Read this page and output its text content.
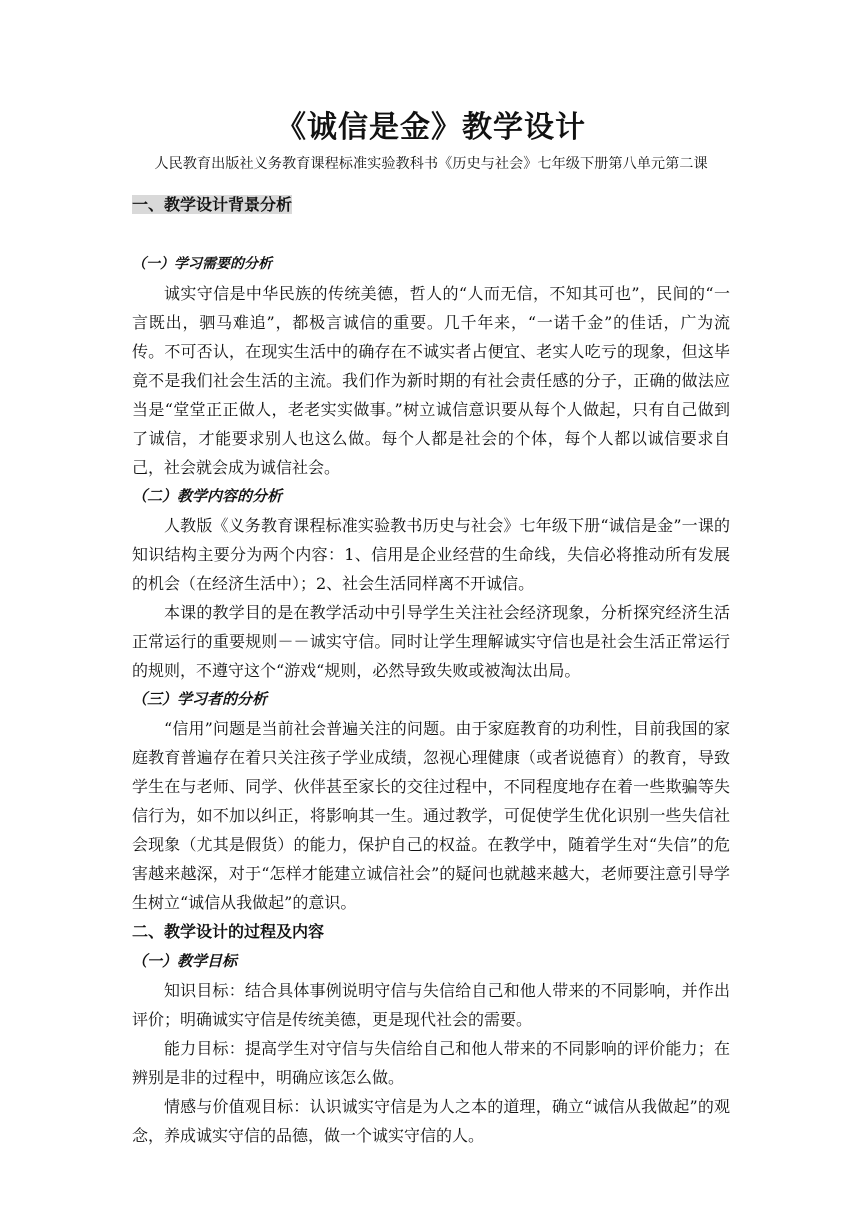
《诚信是金》教学设计

人民教育出版社义务教育课程标准实验教科书《历史与社会》七年级下册第八单元第二课

一、教学设计背景分析
（一）学习需要的分析

诚实守信是中华民族的传统美德，哲人的“人而无信，不知其可也”，民间的“一言既出，驷马难追”，都极言诚信的重要。几千年来，“一诺千金”的佳话，广为流传。不可否认，在现实生活中的确存在不诚实者占便宜、老实人吃亏的现象，但这毕竟不是我们社会生活的主流。我们作为新时期的有社会责任感的分子，正确的做法应当是“堂堂正正做人，老老实实做事。”树立诚信意识要从每个人做起，只有自己做到了诚信，才能要求别人也这么做。每个人都是社会的个体，每个人都以诚信要求自己，社会就会成为诚信社会。

（二）教学内容的分析

人教版《义务教育课程标准实验教书历史与社会》七年级下册“诚信是金”一课的知识结构主要分为两个内容：1、信用是企业经营的生命线，失信必将推动所有发展的机会（在经济生活中）；2、社会生活同样离不开诚信。

本课的教学目的是在教学活动中引导学生关注社会经济现象，分析探究经济生活正常运行的重要规则－－诚实守信。同时让学生理解诚实守信也是社会生活正常运行的规则，不遵守这个“游戏“规则，必然导致失败或被淘汰出局。

（三）学习者的分析

“信用”问题是当前社会普遍关注的问题。由于家庭教育的功利性，目前我国的家庭教育普遍存在着只关注孩子学业成绩，忽视心理健康（或者说德育）的教育，导致学生在与老师、同学、伙伴甚至家长的交往过程中，不同程度地存在着一些欺骗等失信行为，如不加以纠正，将影响其一生。通过教学，可促使学生优化识别一些失信社会现象（尤其是假货）的能力，保护自己的权益。在教学中，随着学生对“失信”的危害越来越深，对于“怎样才能建立诚信社会”的疑问也就越来越大，老师要注意引导学生树立“诚信从我做起”的意识。

二、教学设计的过程及内容
（一）教学目标

知识目标：结合具体事例说明守信与失信给自己和他人带来的不同影响，并作出评价；明确诚实守信是传统美德，更是现代社会的需要。

能力目标：提高学生对守信与失信给自己和他人带来的不同影响的评价能力；在辨别是非的过程中，明确应该怎么做。

情感与价值观目标：认识诚实守信是为人之本的道理，确立“诚信从我做起”的观念，养成诚实守信的品德，做一个诚实守信的人。
